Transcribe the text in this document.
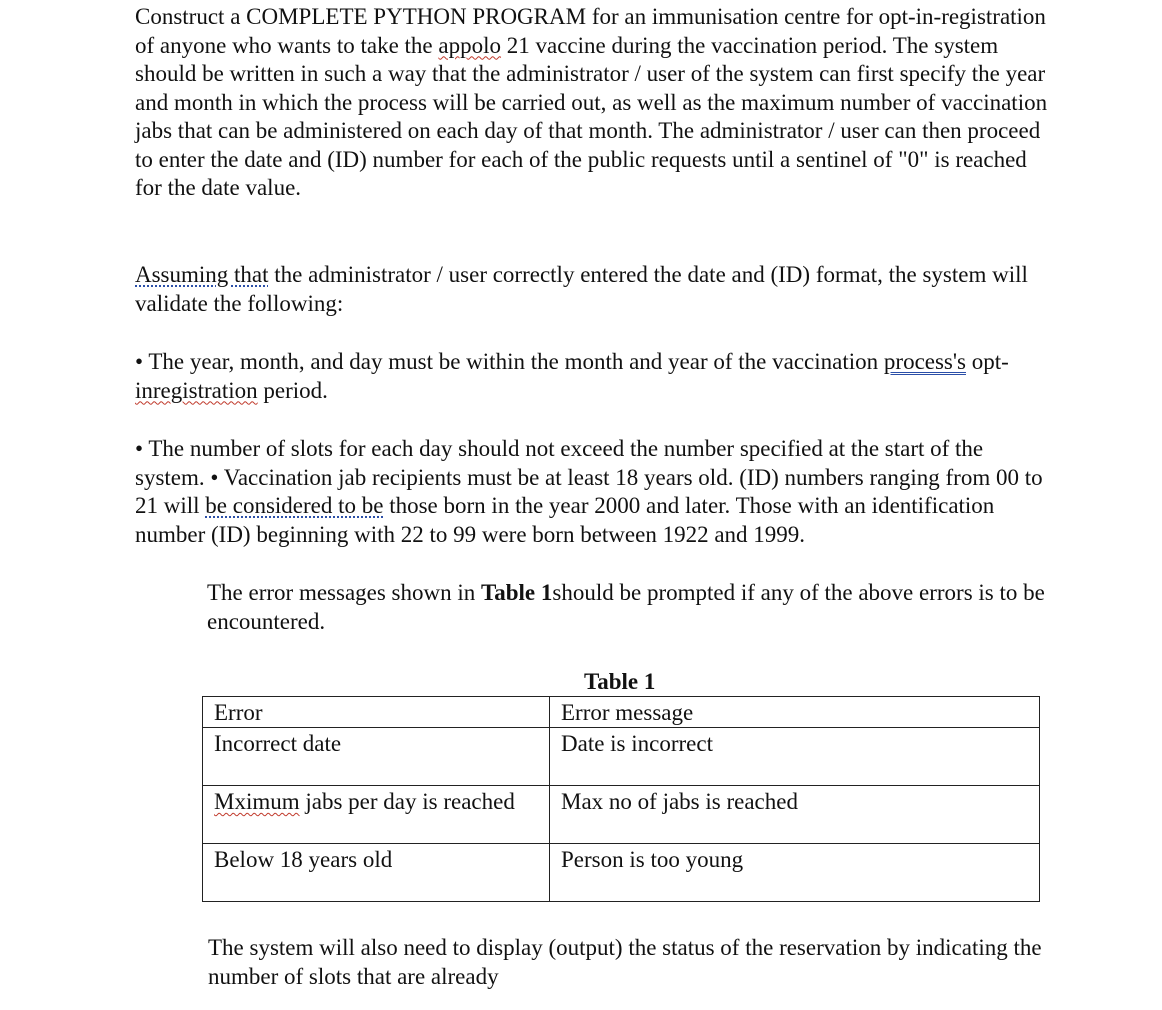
Construct a COMPLETE PYTHON PROGRAM for an immunisation centre for opt-in-registration of anyone who wants to take the appolo 21 vaccine during the vaccination period. The system should be written in such a way that the administrator / user of the system can first specify the year and month in which the process will be carried out, as well as the maximum number of vaccination jabs that can be administered on each day of that month. The administrator / user can then proceed to enter the date and (ID) number for each of the public requests until a sentinel of "0" is reached for the date value.

Assuming that the administrator / user correctly entered the date and (ID) format, the system will validate the following:

• The year, month, and day must be within the month and year of the vaccination process's opt-inregistration period.

• The number of slots for each day should not exceed the number specified at the start of the system. • Vaccination jab recipients must be at least 18 years old. (ID) numbers ranging from 00 to 21 will be considered to be those born in the year 2000 and later. Those with an identification number (ID) beginning with 22 to 99 were born between 1922 and 1999.

The error messages shown in Table 1should be prompted if any of the above errors is to be encountered.

Table 1

Error	Error message
Incorrect date	Date is incorrect
Mximum jabs per day is reached	Max no of jabs is reached
Below 18 years old	Person is too young

The system will also need to display (output) the status of the reservation by indicating the number of slots that are already
